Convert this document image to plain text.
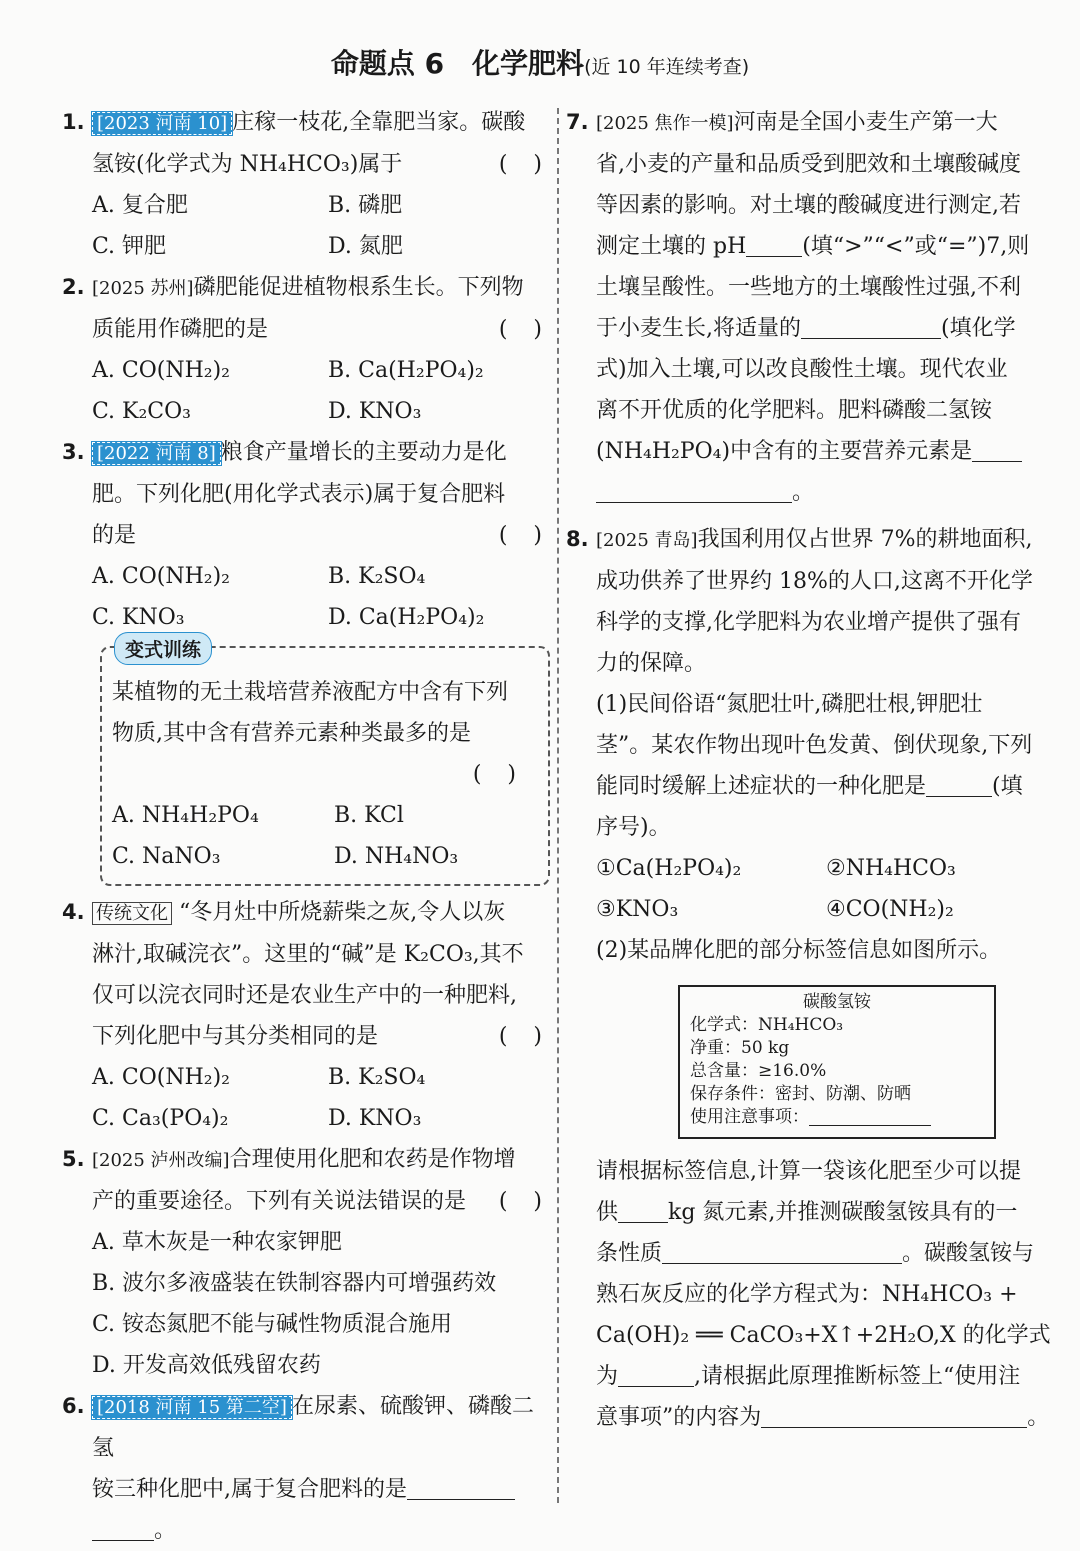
命题点 6　化学肥料(近 10 年连续考查)
1. [2023 河南 10] 庄稼一枝花,全靠肥当家。碳酸
氢铵(化学式为 NH₄HCO₃)属于	()
A. 复合肥	B. 磷肥
C. 钾肥	D. 氮肥
2. [2025 苏州]磷肥能促进植物根系生长。下列物
质能用作磷肥的是	()
A. CO(NH₂)₂	B. Ca(H₂PO₄)₂
C. K₂CO₃	D. KNO₃
3. [2022 河南 8] 粮食产量增长的主要动力是化
肥。下列化肥(用化学式表示)属于复合肥料
的是	()
A. CO(NH₂)₂	B. K₂SO₄
C. KNO₃	D. Ca(H₂PO₄)₂
变式训练
某植物的无土栽培营养液配方中含有下列
物质,其中含有营养元素种类最多的是
()
A. NH₄H₂PO₄	B. KCl
C. NaNO₃	D. NH₄NO₃
4. 传统文化 “冬月灶中所烧薪柴之灰,令人以灰
淋汁,取碱浣衣”。这里的“碱”是 K₂CO₃,其不
仅可以浣衣同时还是农业生产中的一种肥料,
下列化肥中与其分类相同的是	()
A. CO(NH₂)₂	B. K₂SO₄
C. Ca₃(PO₄)₂	D. KNO₃
5. [2025 泸州改编]合理使用化肥和农药是作物增
产的重要途径。下列有关说法错误的是 ()
A. 草木灰是一种农家钾肥
B. 波尔多液盛装在铁制容器内可增强药效
C. 铵态氮肥不能与碱性物质混合施用
D. 开发高效低残留农药
6. [2018 河南 15 第二空] 在尿素、硫酸钾、磷酸二氢
铵三种化肥中,属于复合肥料的是
。
7. [2025 焦作一模]河南是全国小麦生产第一大
省,小麦的产量和品质受到肥效和土壤酸碱度
等因素的影响。对土壤的酸碱度进行测定,若
测定土壤的 pH	(填“>”“<”或“=”)7,则
土壤呈酸性。一些地方的土壤酸性过强,不利
于小麦生长,将适量的	(填化学
式)加入土壤,可以改良酸性土壤。现代农业
离不开优质的化学肥料。肥料磷酸二氢铵
(NH₄H₂PO₄)中含有的主要营养元素是
。
8. [2025 青岛]我国利用仅占世界 7%的耕地面积,
成功供养了世界约 18%的人口,这离不开化学
科学的支撑,化学肥料为农业增产提供了强有
力的保障。
(1)民间俗语“氮肥壮叶,磷肥壮根,钾肥壮
茎”。某农作物出现叶色发黄、倒伏现象,下列
能同时缓解上述症状的一种化肥是	(填
序号)。
①Ca(H₂PO₄)₂	②NH₄HCO₃
③KNO₃	④CO(NH₂)₂
(2)某品牌化肥的部分标签信息如图所示。
碳酸氢铵
化学式：NH₄HCO₃
净重：50 kg
总含量：≥16.0%
保存条件：密封、防潮、防晒
使用注意事项：
请根据标签信息,计算一袋该化肥至少可以提
供 kg 氮元素,并推测碳酸氢铵具有的一
条性质	。碳酸氢铵与
熟石灰反应的化学方程式为：NH₄HCO₃ +
Ca(OH)₂ ══ CaCO₃+X↑+2H₂O,X 的化学式
为	,请根据此原理推断标签上“使用注
意事项”的内容为	。
